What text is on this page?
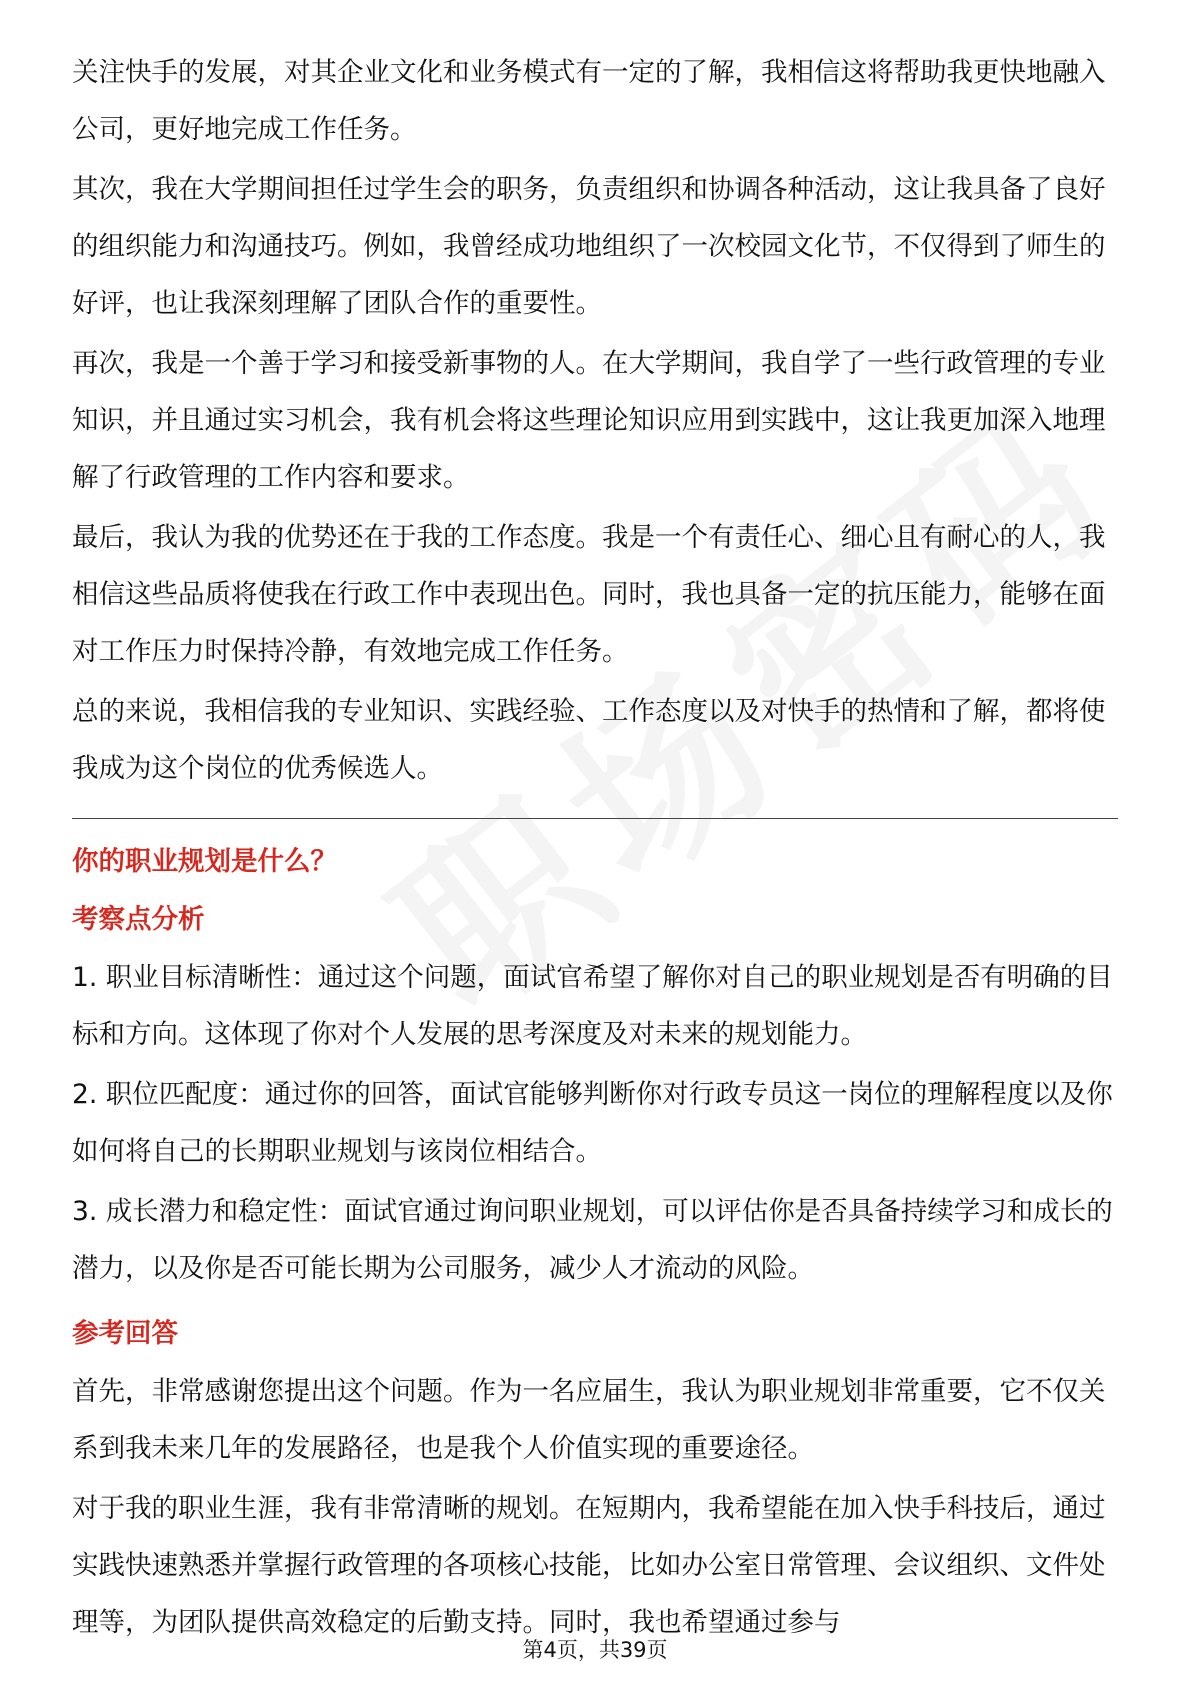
关注快手的发展，对其企业文化和业务模式有一定的了解，我相信这将帮助我更快地融入公司，更好地完成工作任务。

其次，我在大学期间担任过学生会的职务，负责组织和协调各种活动，这让我具备了良好的组织能力和沟通技巧。例如，我曾经成功地组织了一次校园文化节，不仅得到了师生的好评，也让我深刻理解了团队合作的重要性。

再次，我是一个善于学习和接受新事物的人。在大学期间，我自学了一些行政管理的专业知识，并且通过实习机会，我有机会将这些理论知识应用到实践中，这让我更加深入地理解了行政管理的工作内容和要求。

最后，我认为我的优势还在于我的工作态度。我是一个有责任心、细心且有耐心的人，我相信这些品质将使我在行政工作中表现出色。同时，我也具备一定的抗压能力，能够在面对工作压力时保持冷静，有效地完成工作任务。

总的来说，我相信我的专业知识、实践经验、工作态度以及对快手的热情和了解，都将使我成为这个岗位的优秀候选人。

你的职业规划是什么？
考察点分析

1. 职业目标清晰性：通过这个问题，面试官希望了解你对自己的职业规划是否有明确的目标和方向。这体现了你对个人发展的思考深度及对未来的规划能力。

2. 职位匹配度：通过你的回答，面试官能够判断你对行政专员这一岗位的理解程度以及你如何将自己的长期职业规划与该岗位相结合。

3. 成长潜力和稳定性：面试官通过询问职业规划，可以评估你是否具备持续学习和成长的潜力，以及你是否可能长期为公司服务，减少人才流动的风险。

参考回答

首先，非常感谢您提出这个问题。作为一名应届生，我认为职业规划非常重要，它不仅关系到我未来几年的发展路径，也是我个人价值实现的重要途径。

对于我的职业生涯，我有非常清晰的规划。在短期内，我希望能在加入快手科技后，通过实践快速熟悉并掌握行政管理的各项核心技能，比如办公室日常管理、会议组织、文件处理等，为团队提供高效稳定的后勤支持。同时，我也希望通过参与

第4页，共39页
